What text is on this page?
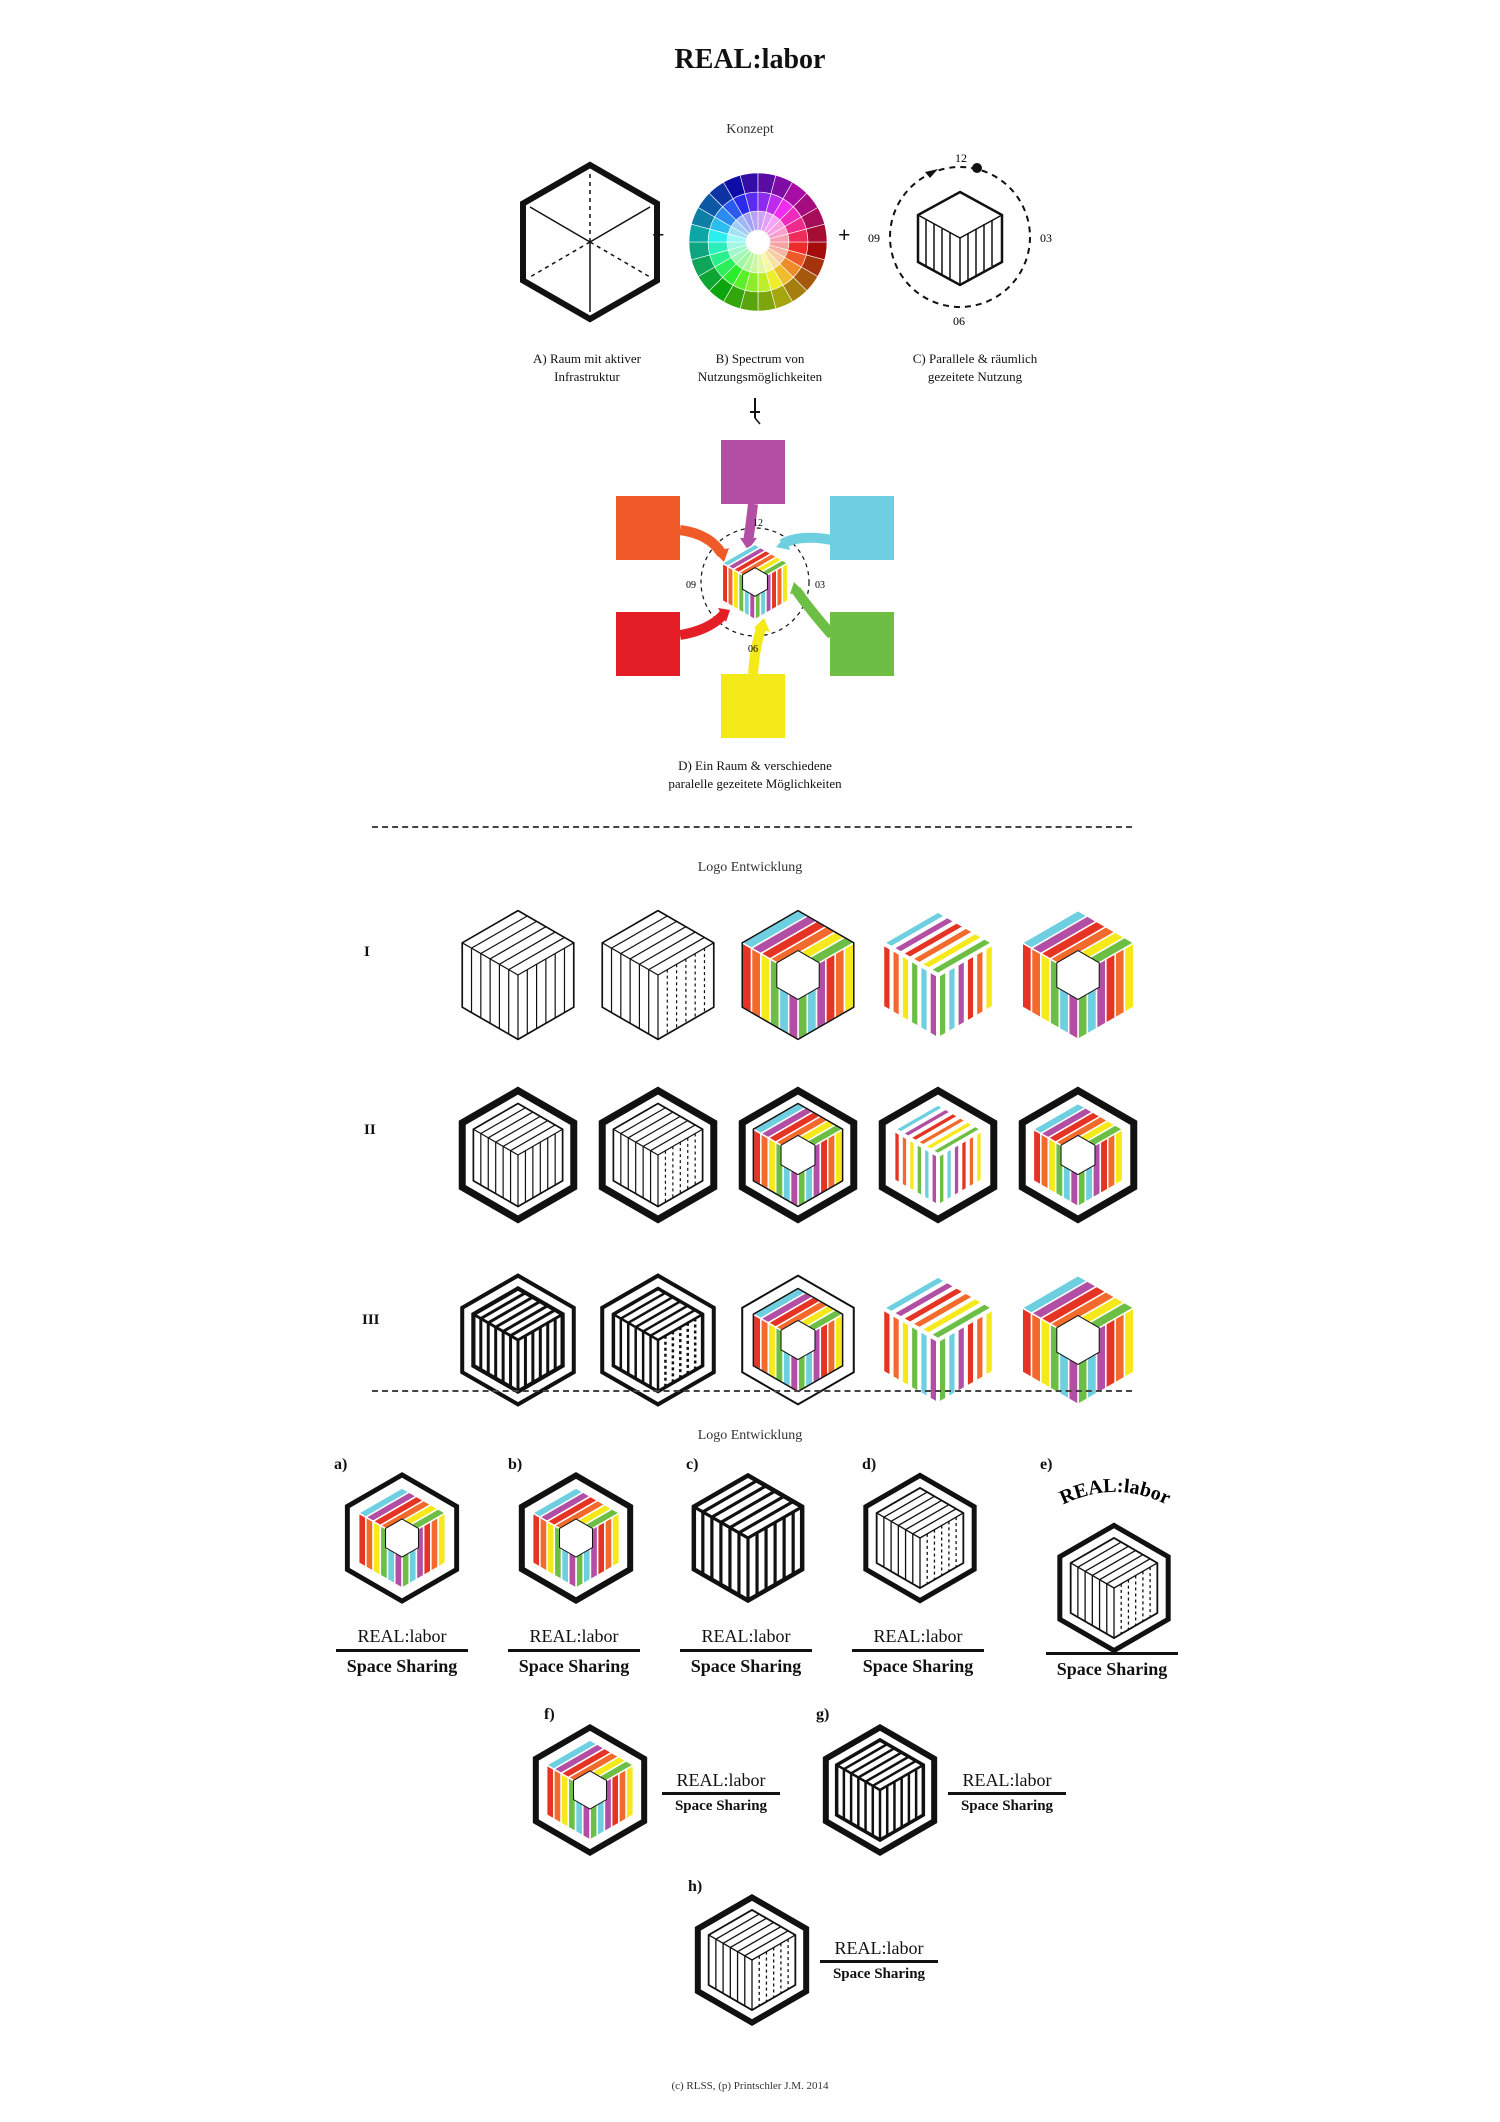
REAL:labor
Konzept
+	+
12
03
06
09
A) Raum mit aktiver
Infrastruktur
B) Spectrum von
Nutzungsmöglichkeiten
C) Parallele & räumlich
gezeitete Nutzung
12
03
06
09
D) Ein Raum & verschiedene
paralelle gezeitete Möglichkeiten
Logo Entwicklung
I
II
III
Logo Entwicklung
a)	b)	c)	d)	e)
f)	g)
h)
REAL:labor
Space Sharing
REAL:labor
Space Sharing
REAL:labor
Space Sharing
REAL:labor
Space Sharing	Space Sharing
REAL:labor
REAL:labor
Space Sharing
REAL:labor
Space Sharing
REAL:labor
Space Sharing
(c) RLSS, (p) Printschler J.M. 2014
